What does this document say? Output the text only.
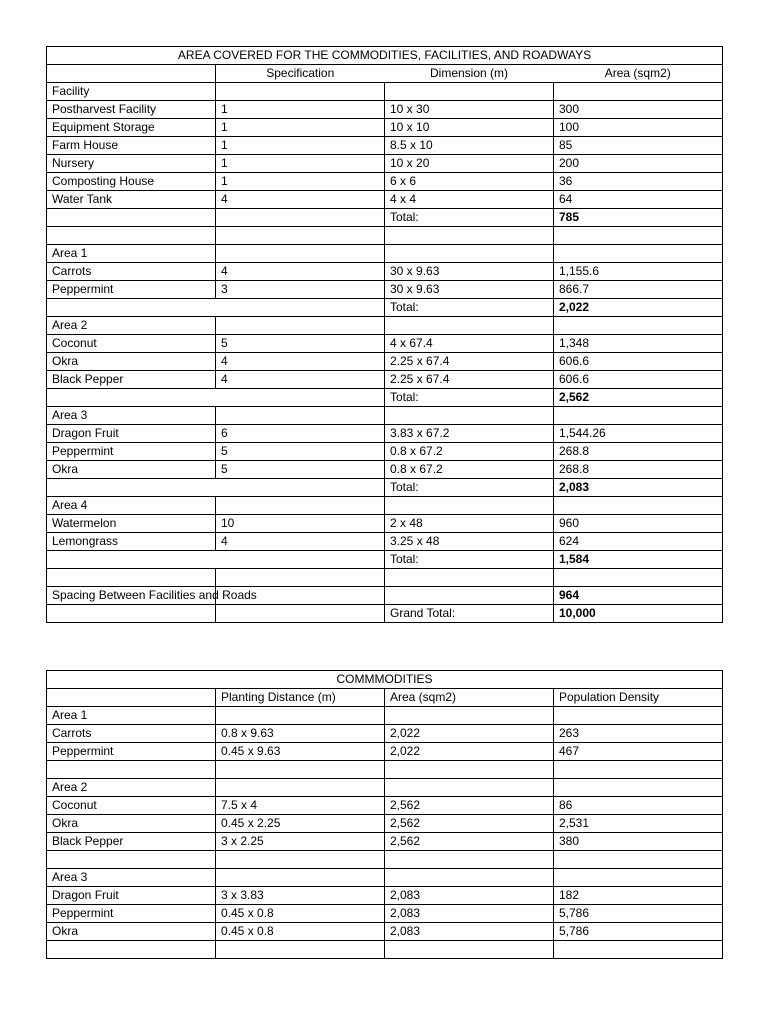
AREA COVERED FOR THE COMMODITIES, FACILITIES, AND ROADWAYS			
	Specification	Dimension (m)	Area (sqm2)
Facility			
Postharvest Facility	1	10 x 30	300
Equipment Storage	1	10 x 10	100
Farm House	1	8.5 x 10	85
Nursery	1	10 x 20	200
Composting House	1	6 x 6	36
Water Tank	4	4 x 4	64
		Total:	785

Area 1			
Carrots	4	30 x 9.63	1,155.6
Peppermint	3	30 x 9.63	866.7
		Total:	2,022
Area 2			
Coconut	5	4 x 67.4	1,348
Okra	4	2.25 x 67.4	606.6
Black Pepper	4	2.25 x 67.4	606.6
		Total:	2,562
Area 3			
Dragon Fruit	6	3.83 x 67.2	1,544.26
Peppermint	5	0.8 x 67.2	268.8
Okra	5	0.8 x 67.2	268.8
		Total:	2,083
Area 4			
Watermelon	10	2 x 48	960
Lemongrass	4	3.25 x 48	624
		Total:	1,584

Spacing Between Facilities and Roads			964
		Grand Total:	10,000
COMMMODITIES			
	Planting Distance (m)	Area (sqm2)	Population Density
Area 1			
Carrots	0.8 x 9.63	2,022	263
Peppermint	0.45 x 9.63	2,022	467

Area 2			
Coconut	7.5 x 4	2,562	86
Okra	0.45 x 2.25	2,562	2,531
Black Pepper	3 x 2.25	2,562	380

Area 3			
Dragon Fruit	3 x 3.83	2,083	182
Peppermint	0.45 x 0.8	2,083	5,786
Okra	0.45 x 0.8	2,083	5,786
